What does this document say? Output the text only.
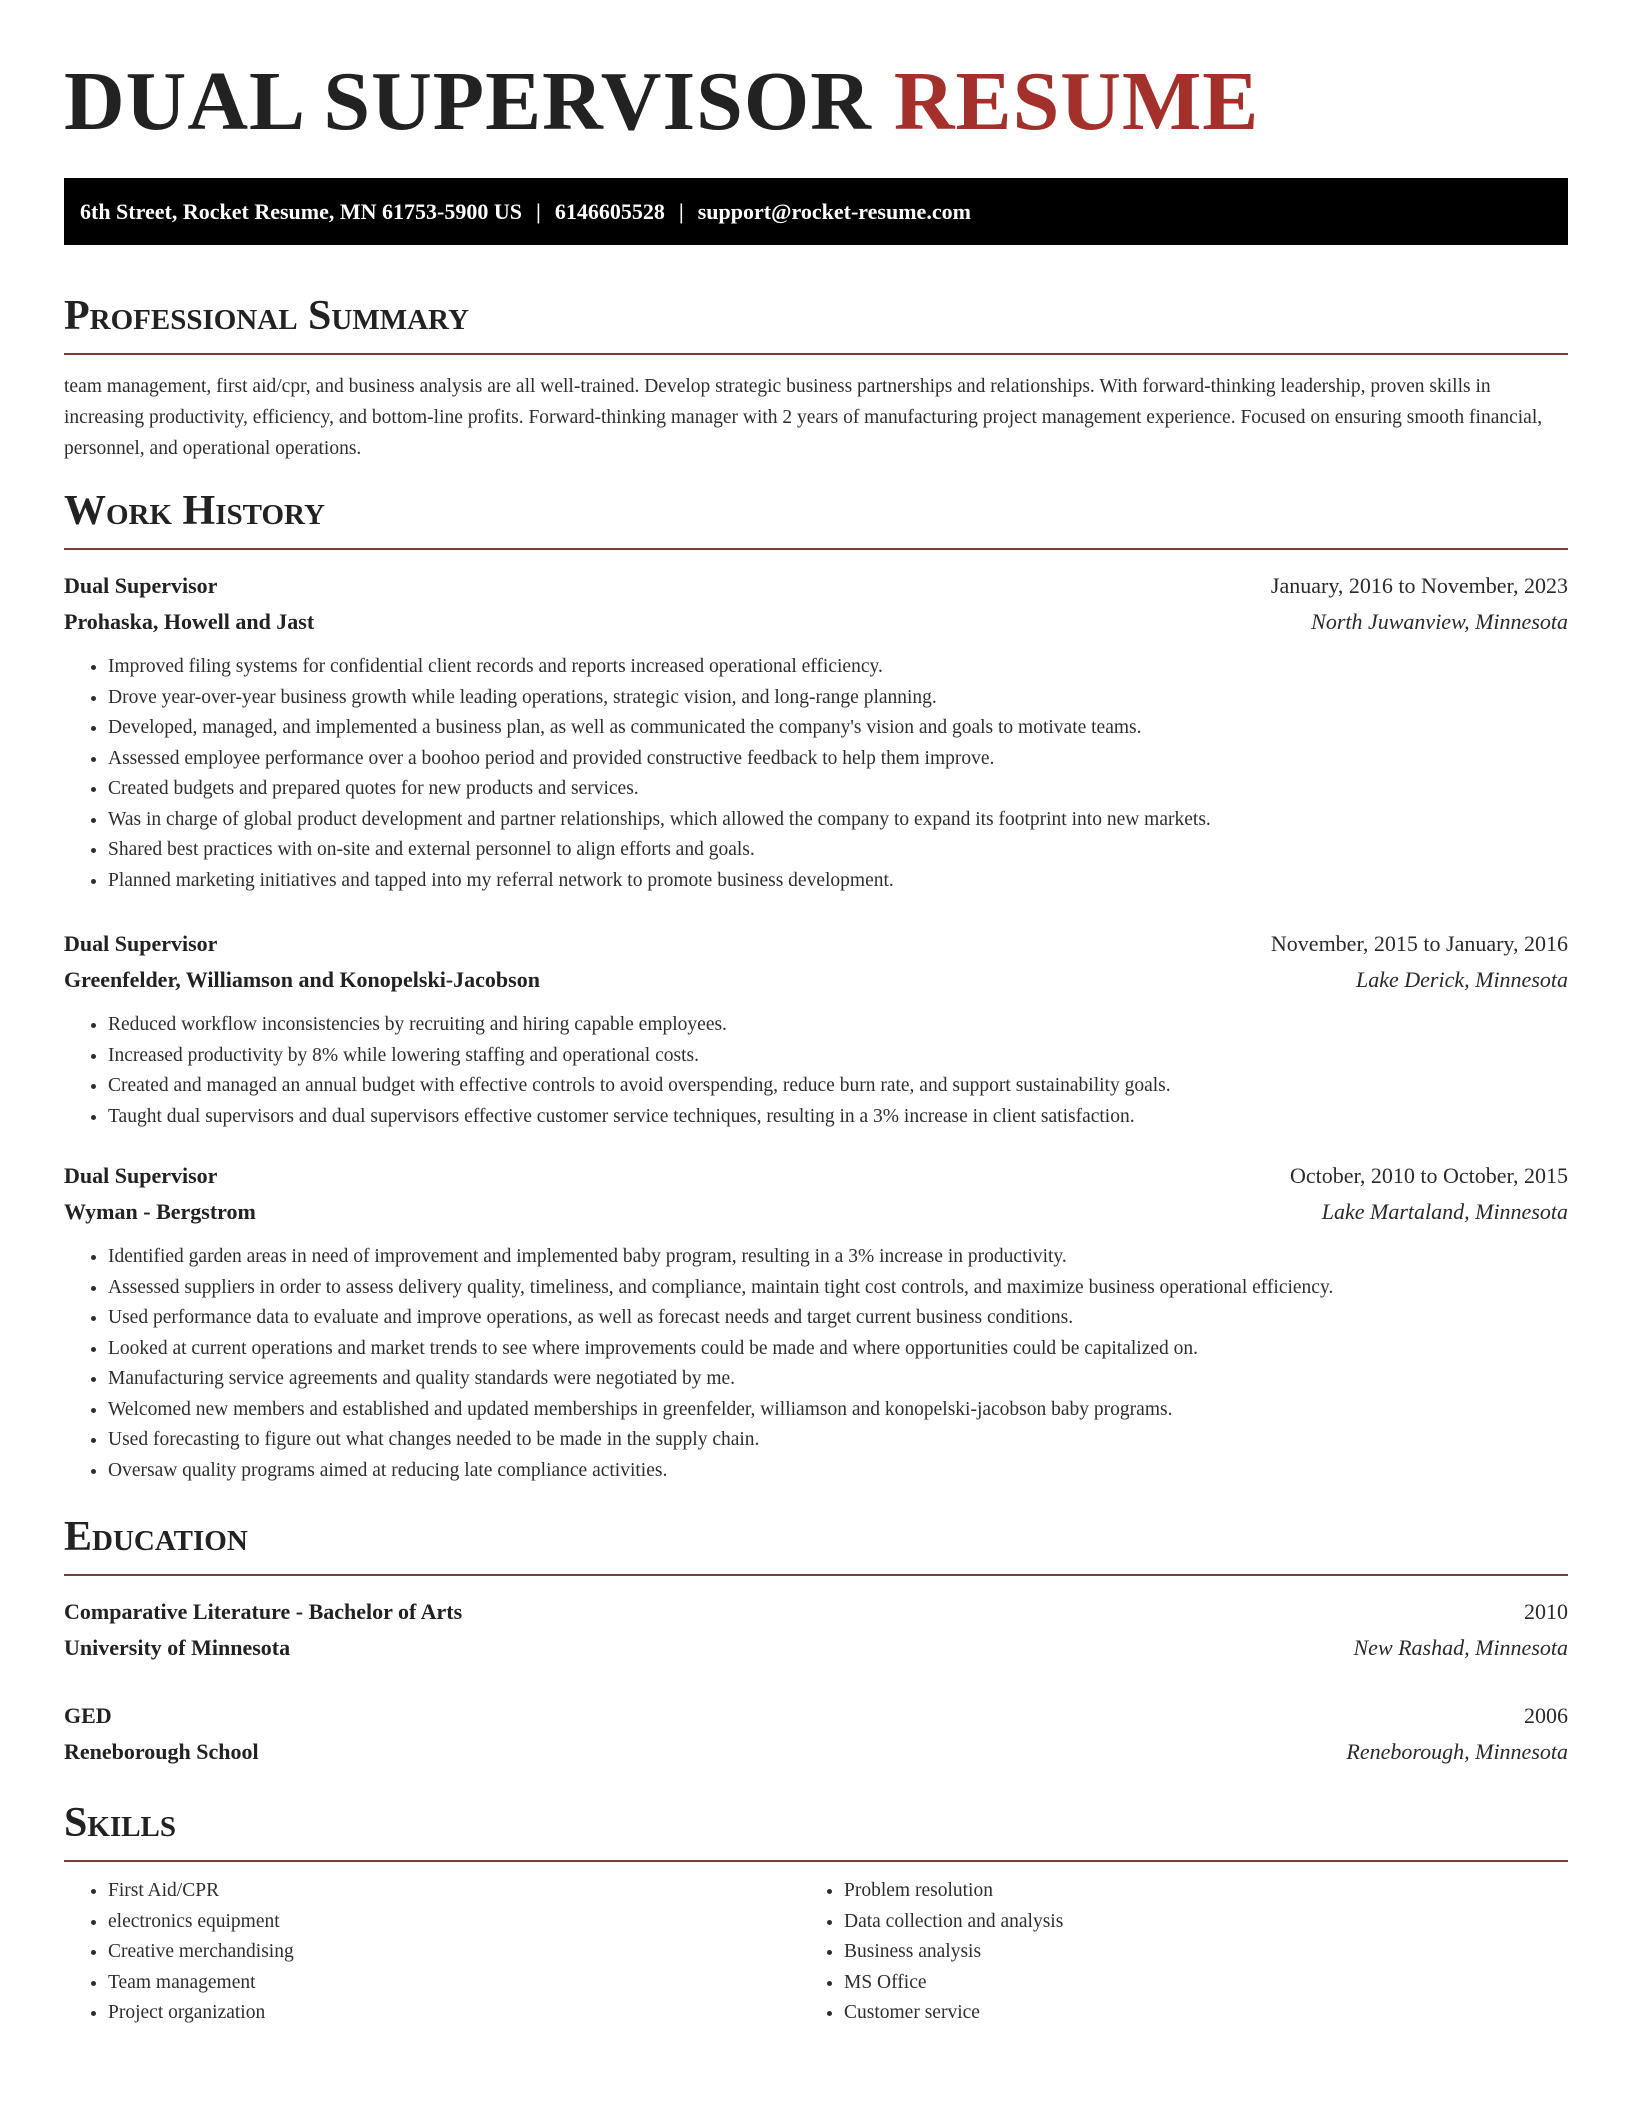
DUAL SUPERVISOR RESUME
6th Street, Rocket Resume, MN 61753-5900 US | 6146605528 | support@rocket-resume.com
Professional Summary

team management, first aid/cpr, and business analysis are all well-trained. Develop strategic business partnerships and relationships. With forward-thinking leadership, proven skills in increasing productivity, efficiency, and bottom-line profits. Forward-thinking manager with 2 years of manufacturing project management experience. Focused on ensuring smooth financial, personnel, and operational operations.

Work History
Dual Supervisor	January, 2016 to November, 2023
Prohaska, Howell and Jast	North Juwanview, Minnesota
• Improved filing systems for confidential client records and reports increased operational efficiency.
• Drove year-over-year business growth while leading operations, strategic vision, and long-range planning.
• Developed, managed, and implemented a business plan, as well as communicated the company's vision and goals to motivate teams.
• Assessed employee performance over a boohoo period and provided constructive feedback to help them improve.
• Created budgets and prepared quotes for new products and services.
• Was in charge of global product development and partner relationships, which allowed the company to expand its footprint into new markets.
• Shared best practices with on-site and external personnel to align efforts and goals.
• Planned marketing initiatives and tapped into my referral network to promote business development.
Dual Supervisor	November, 2015 to January, 2016
Greenfelder, Williamson and Konopelski-Jacobson	Lake Derick, Minnesota
• Reduced workflow inconsistencies by recruiting and hiring capable employees.
• Increased productivity by 8% while lowering staffing and operational costs.
• Created and managed an annual budget with effective controls to avoid overspending, reduce burn rate, and support sustainability goals.
• Taught dual supervisors and dual supervisors effective customer service techniques, resulting in a 3% increase in client satisfaction.
Dual Supervisor	October, 2010 to October, 2015
Wyman - Bergstrom	Lake Martaland, Minnesota
• Identified garden areas in need of improvement and implemented baby program, resulting in a 3% increase in productivity.
• Assessed suppliers in order to assess delivery quality, timeliness, and compliance, maintain tight cost controls, and maximize business operational efficiency.
• Used performance data to evaluate and improve operations, as well as forecast needs and target current business conditions.
• Looked at current operations and market trends to see where improvements could be made and where opportunities could be capitalized on.
• Manufacturing service agreements and quality standards were negotiated by me.
• Welcomed new members and established and updated memberships in greenfelder, williamson and konopelski-jacobson baby programs.
• Used forecasting to figure out what changes needed to be made in the supply chain.
• Oversaw quality programs aimed at reducing late compliance activities.
Education
Comparative Literature - Bachelor of Arts	2010
University of Minnesota	New Rashad, Minnesota
GED	2006
Reneborough School	Reneborough, Minnesota
Skills
• First Aid/CPR
• electronics equipment
• Creative merchandising
• Team management
• Project organization
• Problem resolution
• Data collection and analysis
• Business analysis
• MS Office
• Customer service
